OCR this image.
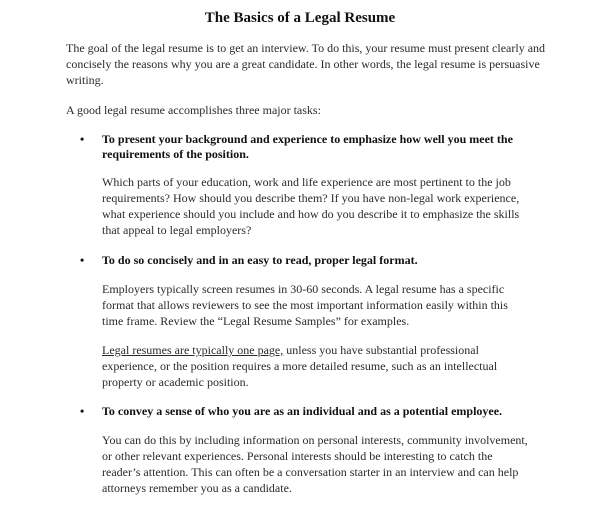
The Basics of a Legal Resume
The goal of the legal resume is to get an interview. To do this, your resume must present clearly and concisely the reasons why you are a great candidate. In other words, the legal resume is persuasive writing.
A good legal resume accomplishes three major tasks:
• To present your background and experience to emphasize how well you meet the requirements of the position.
Which parts of your education, work and life experience are most pertinent to the job requirements? How should you describe them? If you have non-legal work experience, what experience should you include and how do you describe it to emphasize the skills that appeal to legal employers?
• To do so concisely and in an easy to read, proper legal format.
Employers typically screen resumes in 30-60 seconds. A legal resume has a specific format that allows reviewers to see the most important information easily within this time frame. Review the “Legal Resume Samples” for examples.
Legal resumes are typically one page, unless you have substantial professional experience, or the position requires a more detailed resume, such as an intellectual property or academic position.
• To convey a sense of who you are as an individual and as a potential employee.
You can do this by including information on personal interests, community involvement, or other relevant experiences. Personal interests should be interesting to catch the reader’s attention. This can often be a conversation starter in an interview and can help attorneys remember you as a candidate.
